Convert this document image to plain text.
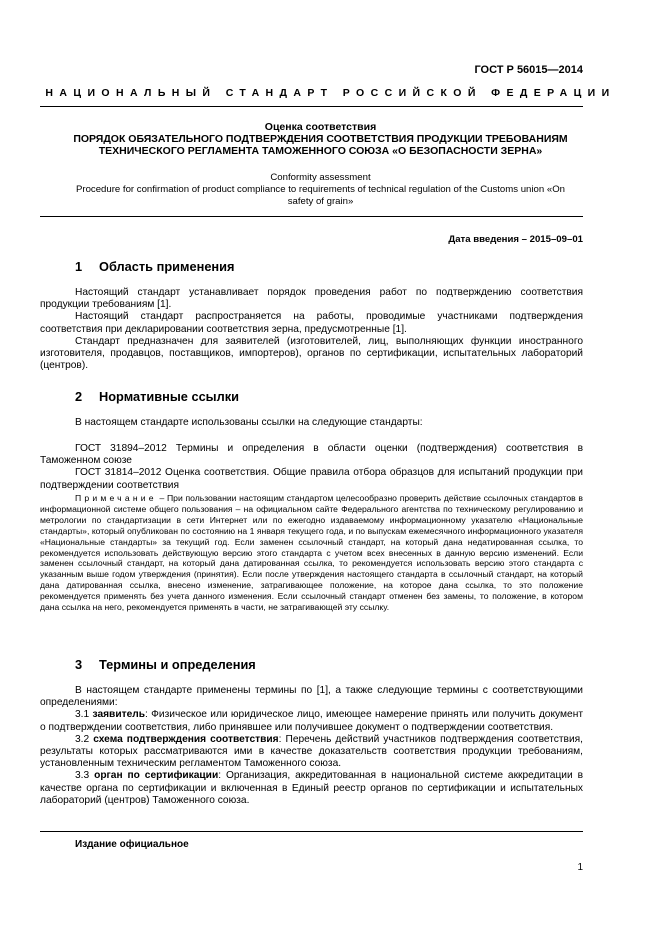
ГОСТ Р 56015—2014
НАЦИОНАЛЬНЫЙ СТАНДАРТ РОССИЙСКОЙ ФЕДЕРАЦИИ
Оценка соответствия
ПОРЯДОК ОБЯЗАТЕЛЬНОГО ПОДТВЕРЖДЕНИЯ СООТВЕТСТВИЯ ПРОДУКЦИИ ТРЕБОВАНИЯМ
ТЕХНИЧЕСКОГО РЕГЛАМЕНТА ТАМОЖЕННОГО СОЮЗА «О БЕЗОПАСНОСТИ ЗЕРНА»
Conformity assessment
Procedure for confirmation of product compliance to requirements of technical regulation of the Customs union «On
safety of grain»
Дата введения – 2015–09–01
1 Область применения

Настоящий стандарт устанавливает порядок проведения работ по подтверждению соответствия продукции требованиям [1].

Настоящий стандарт распространяется на работы, проводимые участниками подтверждения соответствия при декларировании соответствия зерна, предусмотренные [1].

Стандарт предназначен для заявителей (изготовителей, лиц, выполняющих функции иностранного изготовителя, продавцов, поставщиков, импортеров), органов по сертификации, испытательных лабораторий (центров).

2 Нормативные ссылки

В настоящем стандарте использованы ссылки на следующие стандарты:

ГОСТ 31894–2012 Термины и определения в области оценки (подтверждения) соответствия в Таможенном союзе

ГОСТ 31814–2012 Оценка соответствия. Общие правила отбора образцов для испытаний продукции при подтверждении соответствия

Примечание – При пользовании настоящим стандартом целесообразно проверить действие ссылочных стандартов в информационной системе общего пользования – на официальном сайте Федерального агентства по техническому регулированию и метрологии по стандартизации в сети Интернет или по ежегодно издаваемому информационному указателю «Национальные стандарты», который опубликован по состоянию на 1 января текущего года, и по выпускам ежемесячного информационного указателя «Национальные стандарты» за текущий год. Если заменен ссылочный стандарт, на который дана недатированная ссылка, то рекомендуется использовать действующую версию этого стандарта с учетом всех внесенных в данную версию изменений. Если заменен ссылочный стандарт, на который дана датированная ссылка, то рекомендуется использовать версию этого стандарта с указанным выше годом утверждения (принятия). Если после утверждения настоящего стандарта в ссылочный стандарт, на который дана датированная ссылка, внесено изменение, затрагивающее положение, на которое дана ссылка, то это положение рекомендуется применять без учета данного изменения. Если ссылочный стандарт отменен без замены, то положение, в котором дана ссылка на него, рекомендуется применять в части, не затрагивающей эту ссылку.

3 Термины и определения

В настоящем стандарте применены термины по [1], а также следующие термины с соответствующими определениями:

3.1 заявитель: Физическое или юридическое лицо, имеющее намерение принять или получить документ о подтверждении соответствия, либо принявшее или получившее документ о подтверждении соответствия.

3.2 схема подтверждения соответствия: Перечень действий участников подтверждения соответствия, результаты которых рассматриваются ими в качестве доказательств соответствия продукции требованиям, установленным техническим регламентом Таможенного союза.

3.3 орган по сертификации: Организация, аккредитованная в национальной системе аккредитации в качестве органа по сертификации и включенная в Единый реестр органов по сертификации и испытательных лабораторий (центров) Таможенного союза.

Издание официальное
1
